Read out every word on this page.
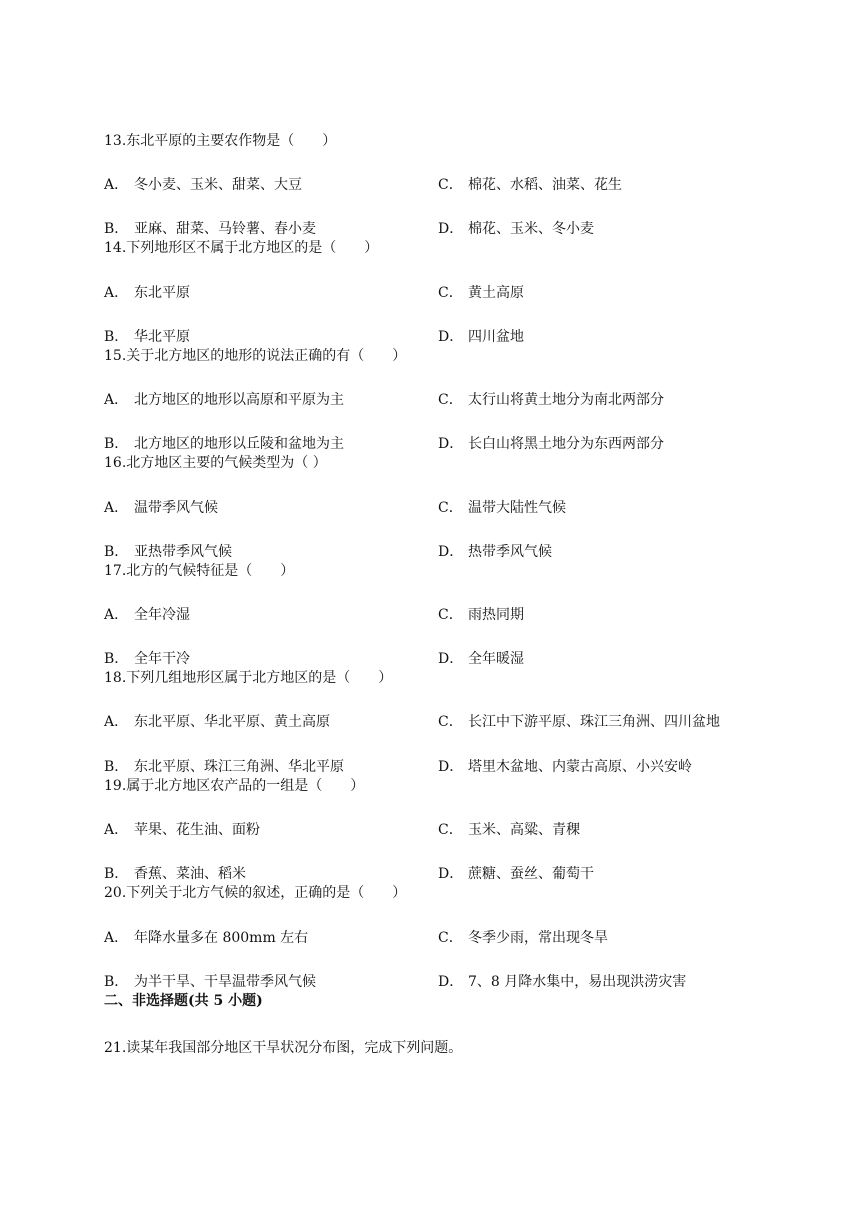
13.东北平原的主要农作物是（　　）
A． 冬小麦、玉米、甜菜、大豆	C． 棉花、水稻、油菜、花生
B． 亚麻、甜菜、马铃薯、春小麦	D． 棉花、玉米、冬小麦
14.下列地形区不属于北方地区的是（　　）
A． 东北平原	C． 黄土高原
B． 华北平原	D． 四川盆地
15.关于北方地区的地形的说法正确的有（　　）
A． 北方地区的地形以高原和平原为主	C． 太行山将黄土地分为南北两部分
B． 北方地区的地形以丘陵和盆地为主	D． 长白山将黑土地分为东西两部分
16.北方地区主要的气候类型为（ ）
A． 温带季风气候	C． 温带大陆性气候
B． 亚热带季风气候	D． 热带季风气候
17.北方的气候特征是（　　）
A． 全年冷湿	C． 雨热同期
B． 全年干冷	D． 全年暖湿
18.下列几组地形区属于北方地区的是（　　）
A． 东北平原、华北平原、黄土高原	C． 长江中下游平原、珠江三角洲、四川盆地
B． 东北平原、珠江三角洲、华北平原	D． 塔里木盆地、内蒙古高原、小兴安岭
19.属于北方地区农产品的一组是（　　）
A． 苹果、花生油、面粉	C． 玉米、高粱、青稞
B． 香蕉、菜油、稻米	D． 蔗糖、蚕丝、葡萄干
20.下列关于北方气候的叙述，正确的是（　　）
A． 年降水量多在 800mm 左右	C． 冬季少雨，常出现冬旱
B． 为半干旱、干旱温带季风气候	D． 7、8 月降水集中，易出现洪涝灾害
二、非选择题(共 5 小题)
21.读某年我国部分地区干旱状况分布图，完成下列问题。
